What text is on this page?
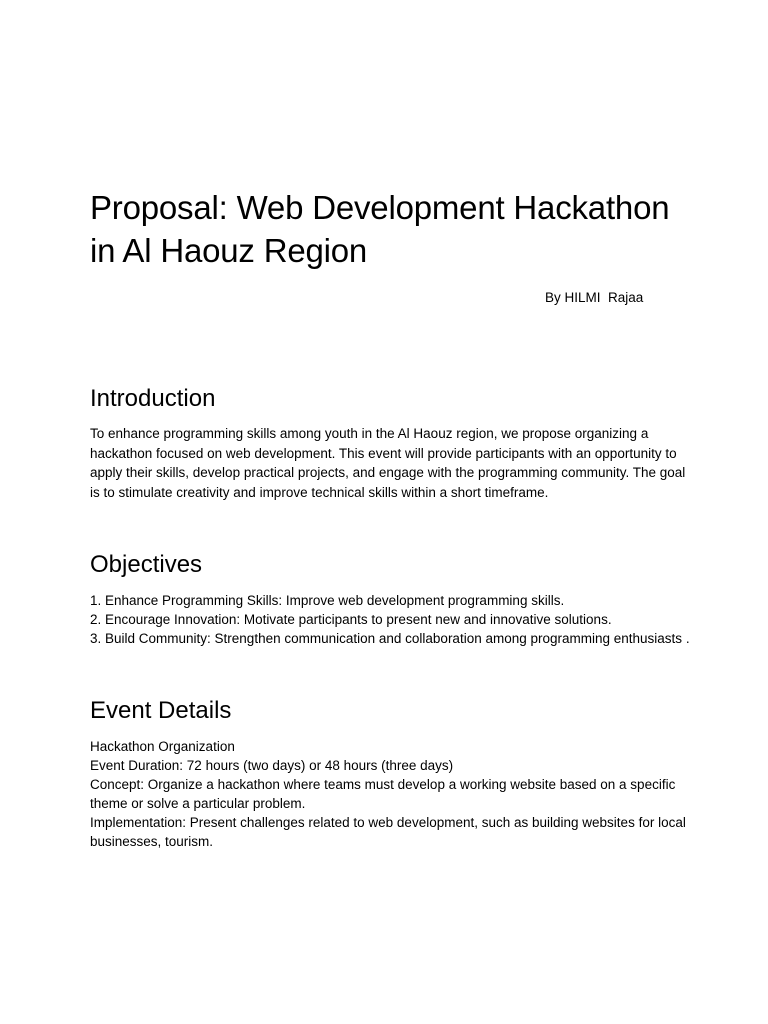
Proposal: Web Development Hackathon in Al Haouz Region
By HILMI  Rajaa
Introduction

To enhance programming skills among youth in the Al Haouz region, we propose organizing a hackathon focused on web development. This event will provide participants with an opportunity to apply their skills, develop practical projects, and engage with the programming community. The goal is to stimulate creativity and improve technical skills within a short timeframe.

Objectives
1. Enhance Programming Skills: Improve web development programming skills.
2. Encourage Innovation: Motivate participants to present new and innovative solutions.
3. Build Community: Strengthen communication and collaboration among programming enthusiasts .
Event Details
Hackathon Organization
Event Duration: 72 hours (two days) or 48 hours (three days)
Concept: Organize a hackathon where teams must develop a working website based on a specific theme or solve a particular problem.
Implementation: Present challenges related to web development, such as building websites for local businesses, tourism.
